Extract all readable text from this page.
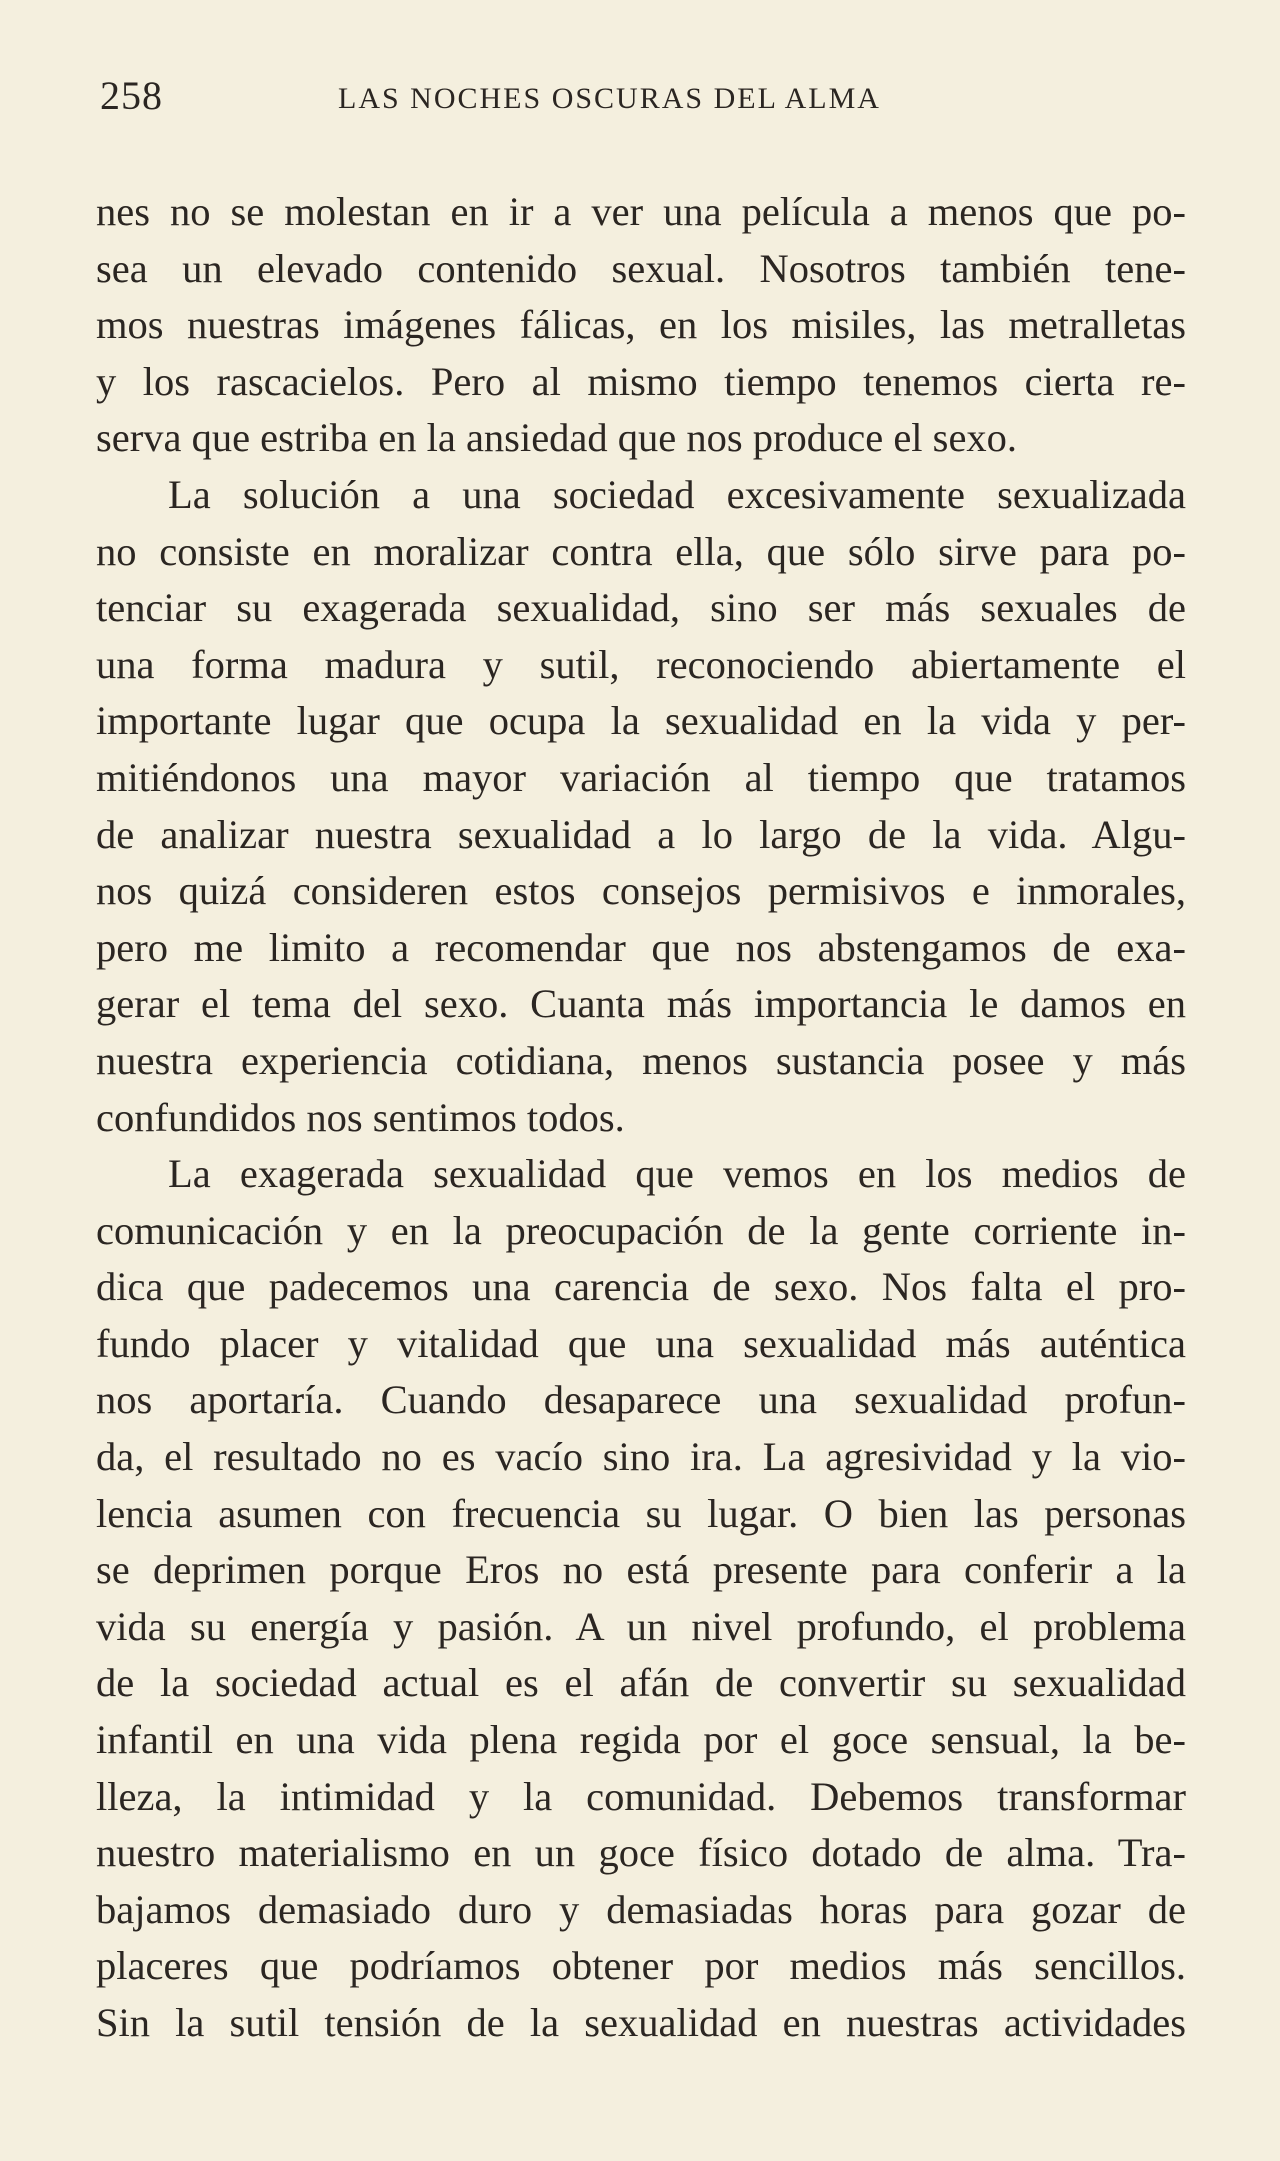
258	LAS NOCHES OSCURAS DEL ALMA
nes no se molestan en ir a ver una película a menos que po-
sea un elevado contenido sexual. Nosotros también tene-
mos nuestras imágenes fálicas, en los misiles, las metralletas
y los rascacielos. Pero al mismo tiempo tenemos cierta re-
serva que estriba en la ansiedad que nos produce el sexo.
La solución a una sociedad excesivamente sexualizada
no consiste en moralizar contra ella, que sólo sirve para po-
tenciar su exagerada sexualidad, sino ser más sexuales de
una forma madura y sutil, reconociendo abiertamente el
importante lugar que ocupa la sexualidad en la vida y per-
mitiéndonos una mayor variación al tiempo que tratamos
de analizar nuestra sexualidad a lo largo de la vida. Algu-
nos quizá consideren estos consejos permisivos e inmorales,
pero me limito a recomendar que nos abstengamos de exa-
gerar el tema del sexo. Cuanta más importancia le damos en
nuestra experiencia cotidiana, menos sustancia posee y más
confundidos nos sentimos todos.
La exagerada sexualidad que vemos en los medios de
comunicación y en la preocupación de la gente corriente in-
dica que padecemos una carencia de sexo. Nos falta el pro-
fundo placer y vitalidad que una sexualidad más auténtica
nos aportaría. Cuando desaparece una sexualidad profun-
da, el resultado no es vacío sino ira. La agresividad y la vio-
lencia asumen con frecuencia su lugar. O bien las personas
se deprimen porque Eros no está presente para conferir a la
vida su energía y pasión. A un nivel profundo, el problema
de la sociedad actual es el afán de convertir su sexualidad
infantil en una vida plena regida por el goce sensual, la be-
lleza, la intimidad y la comunidad. Debemos transformar
nuestro materialismo en un goce físico dotado de alma. Tra-
bajamos demasiado duro y demasiadas horas para gozar de
placeres que podríamos obtener por medios más sencillos.
Sin la sutil tensión de la sexualidad en nuestras actividades
